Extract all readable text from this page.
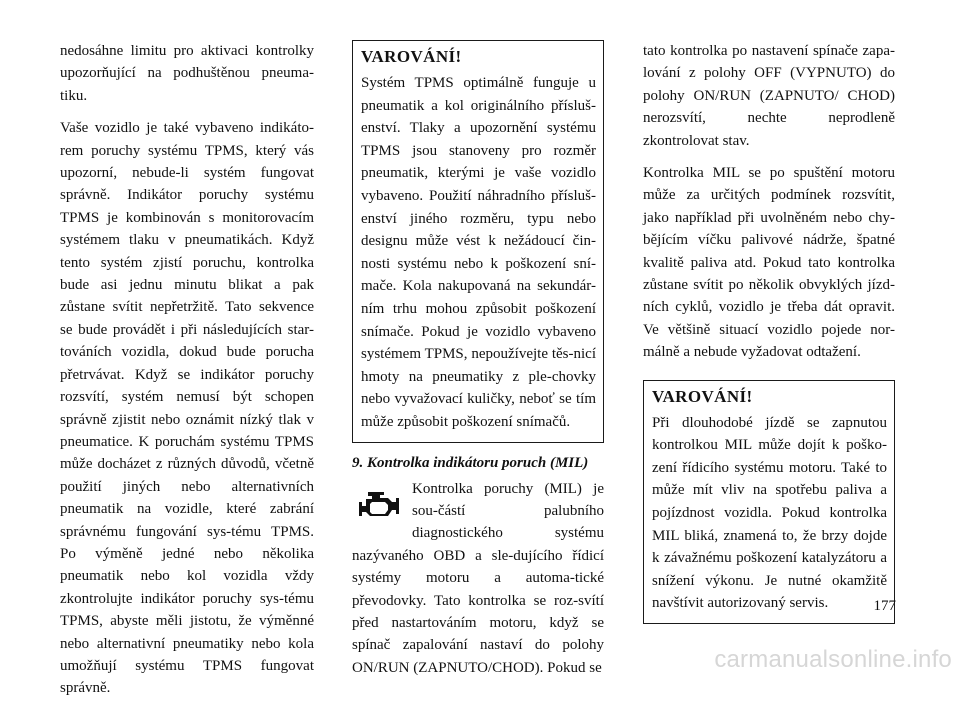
nedosáhne limitu pro aktivaci kontrolky upozorňující na podhuštěnou pneuma-tiku.

Vaše vozidlo je také vybaveno indikáto-rem poruchy systému TPMS, který vás upozorní, nebude-li systém fungovat správně. Indikátor poruchy systému TPMS je kombinován s monitorovacím systémem tlaku v pneumatikách. Když tento systém zjistí poruchu, kontrolka bude asi jednu minutu blikat a pak zůstane svítit nepřetržitě. Tato sekvence se bude provádět i při následujících star-továních vozidla, dokud bude porucha přetrvávat. Když se indikátor poruchy rozsvítí, systém nemusí být schopen správně zjistit nebo oznámit nízký tlak v pneumatice. K poruchám systému TPMS může docházet z různých důvodů, včetně použití jiných nebo alternativních pneumatik na vozidle, které zabrání správnému fungování sys-tému TPMS. Po výměně jedné nebo několika pneumatik nebo kol vozidla vždy zkontrolujte indikátor poruchy sys-tému TPMS, abyste měli jistotu, že výměnné nebo alternativní pneumatiky nebo kola umožňují systému TPMS fungovat správně.

VAROVÁNÍ!

Systém TPMS optimálně funguje u pneumatik a kol originálního přísluš-enství. Tlaky a upozornění systému TPMS jsou stanoveny pro rozměr pneumatik, kterými je vaše vozidlo vybaveno. Použití náhradního přísluš-enství jiného rozměru, typu nebo designu může vést k nežádoucí čin-nosti systému nebo k poškození sní-mače. Kola nakupovaná na sekundár-ním trhu mohou způsobit poškození snímače. Pokud je vozidlo vybaveno systémem TPMS, nepoužívejte těs-nicí hmoty na pneumatiky z ple-chovky nebo vyvažovací kuličky, neboť se tím může způsobit poškození snímačů.

9. Kontrolka indikátoru poruch (MIL)

Kontrolka poruchy (MIL) je sou-částí palubního diagnostického systému nazývaného OBD a sle-dujícího řídicí systémy motoru a automa-tické převodovky. Tato kontrolka se roz-svítí před nastartováním motoru, když se spínač zapalování nastaví do polohy ON/RUN (ZAPNUTO/CHOD). Pokud se

tato kontrolka po nastavení spínače zapa-lování z polohy OFF (VYPNUTO) do polohy ON/RUN (ZAPNUTO/ CHOD) nerozsvítí, nechte neprodleně zkontrolovat stav.

Kontrolka MIL se po spuštění motoru může za určitých podmínek rozsvítit, jako například při uvolněném nebo chy-bějícím víčku palivové nádrže, špatné kvalitě paliva atd. Pokud tato kontrolka zůstane svítit po několik obvyklých jízd-ních cyklů, vozidlo je třeba dát opravit. Ve většině situací vozidlo pojede nor-málně a nebude vyžadovat odtažení.

VAROVÁNÍ!

Při dlouhodobé jízdě se zapnutou kontrolkou MIL může dojít k poško-zení řídicího systému motoru. Také to může mít vliv na spotřebu paliva a pojízdnost vozidla. Pokud kontrolka MIL bliká, znamená to, že brzy dojde k závažnému poškození katalyzátoru a snížení výkonu. Je nutné okamžitě navštívit autorizovaný servis.	177
carmanualsonline.info
